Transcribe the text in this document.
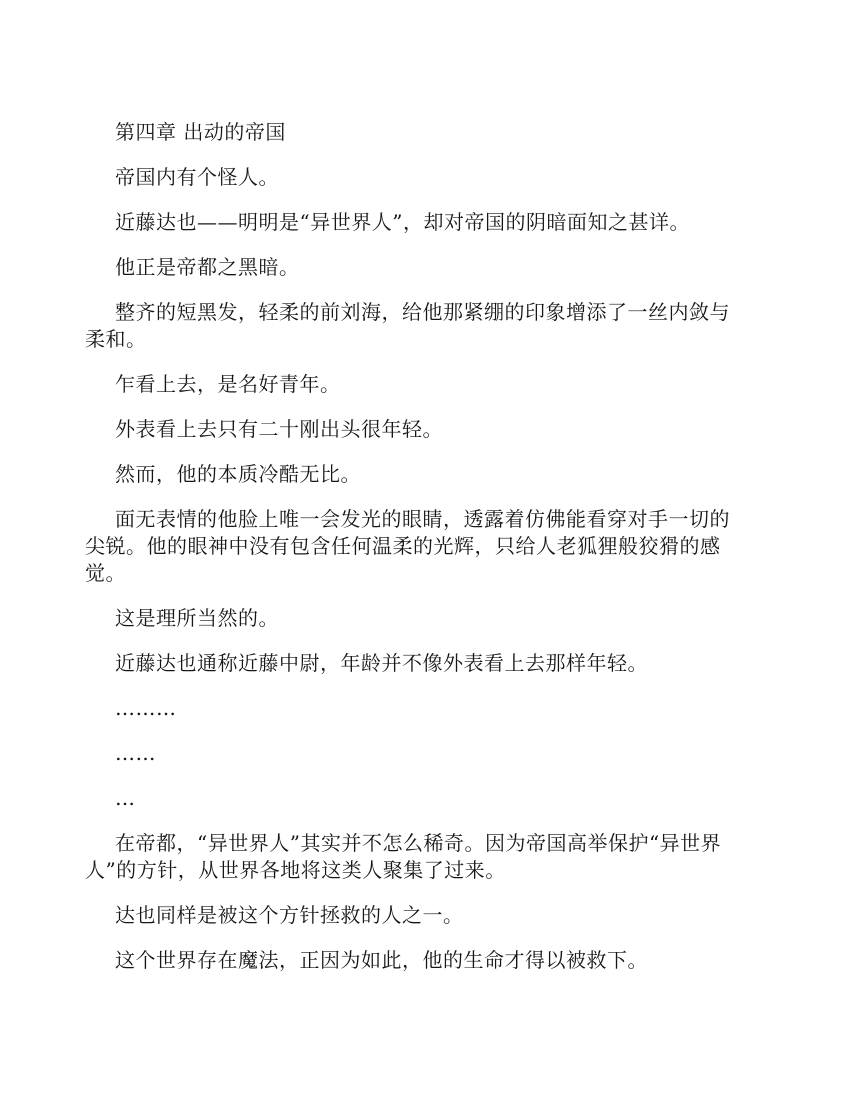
第四章 出动的帝国
帝国内有个怪人。
近藤达也——明明是“异世界人”，却对帝国的阴暗面知之甚详。
他正是帝都之黑暗。
整齐的短黑发，轻柔的前刘海，给他那紧绷的印象增添了一丝内敛与
柔和。
乍看上去，是名好青年。
外表看上去只有二十刚出头很年轻。
然而，他的本质冷酷无比。
面无表情的他脸上唯一会发光的眼睛，透露着仿佛能看穿对手一切的
尖锐。他的眼神中没有包含任何温柔的光辉，只给人老狐狸般狡猾的感
觉。
这是理所当然的。
近藤达也通称近藤中尉，年龄并不像外表看上去那样年轻。
………
……
…
在帝都，“异世界人”其实并不怎么稀奇。因为帝国高举保护“异世界
人”的方针，从世界各地将这类人聚集了过来。
达也同样是被这个方针拯救的人之一。
这个世界存在魔法，正因为如此，他的生命才得以被救下。
